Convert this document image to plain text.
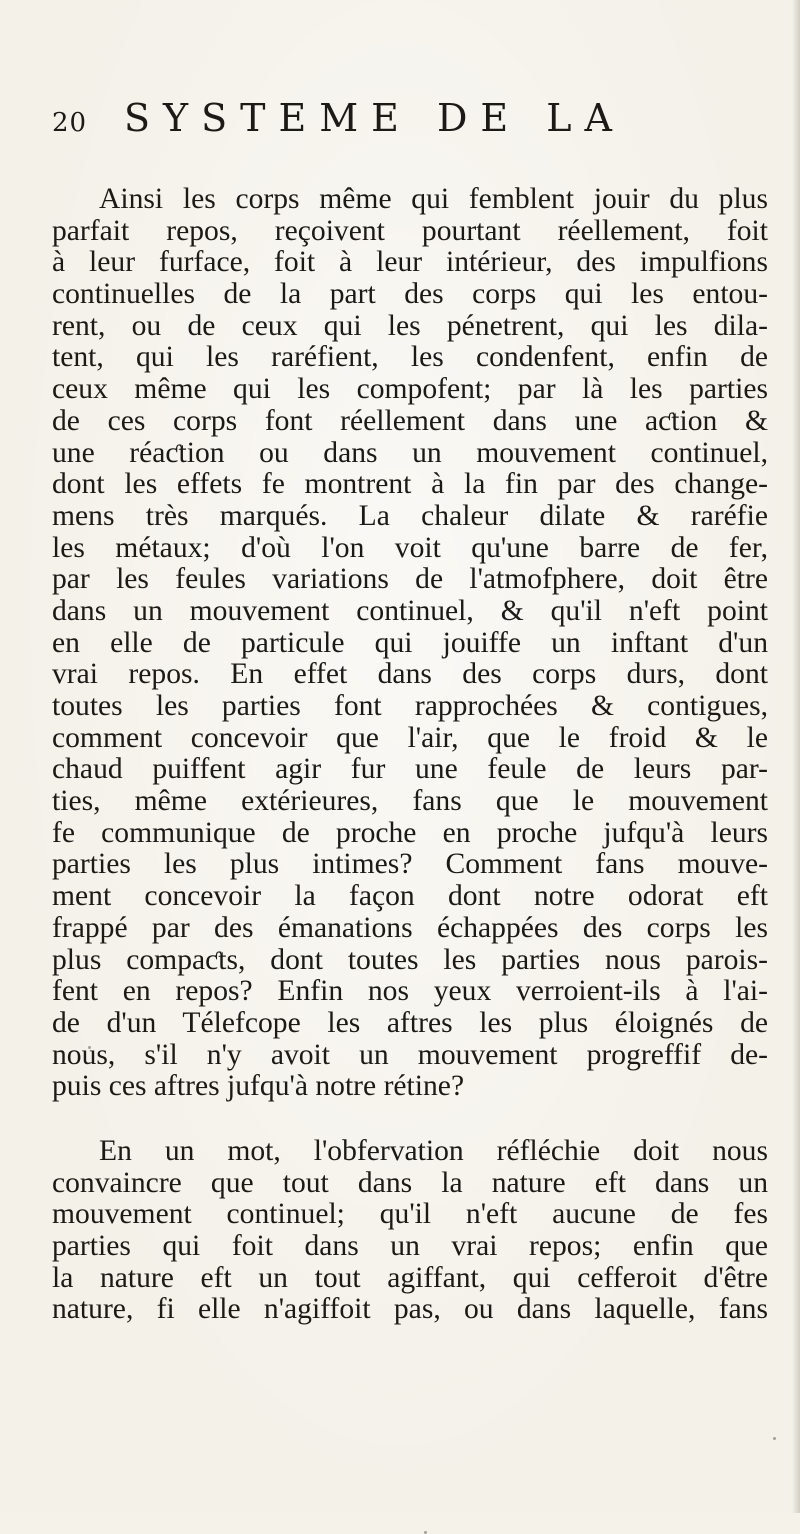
20 SYSTEME DE LA
Ainsi les corps même qui femblent jouir du plus
parfait repos, reçoivent pourtant réellement, foit
à leur furface, foit à leur intérieur, des impulfions
continuelles de la part des corps qui les entou-
rent, ou de ceux qui les pénetrent, qui les dila-
tent, qui les raréfient, les condenfent, enfin de
ceux même qui les compofent; par là les parties
de ces corps font réellement dans une aƈtion &
une réaƈtion ou dans un mouvement continuel,
dont les effets fe montrent à la fin par des change-
mens très marqués. La chaleur dilate & raréfie
les métaux; d'où l'on voit qu'une barre de fer,
par les feules variations de l'atmofphere, doit être
dans un mouvement continuel, & qu'il n'eft point
en elle de particule qui jouiffe un inftant d'un
vrai repos. En effet dans des corps durs, dont
toutes les parties font rapprochées & contigues,
comment concevoir que l'air, que le froid & le
chaud puiffent agir fur une feule de leurs par-
ties, même extérieures, fans que le mouvement
fe communique de proche en proche jufqu'à leurs
parties les plus intimes? Comment fans mouve-
ment concevoir la façon dont notre odorat eft
frappé par des émanations échappées des corps les
plus compaƈts, dont toutes les parties nous parois-
fent en repos? Enfin nos yeux verroient-ils à l'ai-
de d'un Télefcope les aftres les plus éloignés de
nous, s'il n'y avoit un mouvement progreffif de-
puis ces aftres jufqu'à notre rétine?
En un mot, l'obfervation réfléchie doit nous
convaincre que tout dans la nature eft dans un
mouvement continuel; qu'il n'eft aucune de fes
parties qui foit dans un vrai repos; enfin que
la nature eft un tout agiffant, qui cefferoit d'être
nature, fi elle n'agiffoit pas, ou dans laquelle, fans
